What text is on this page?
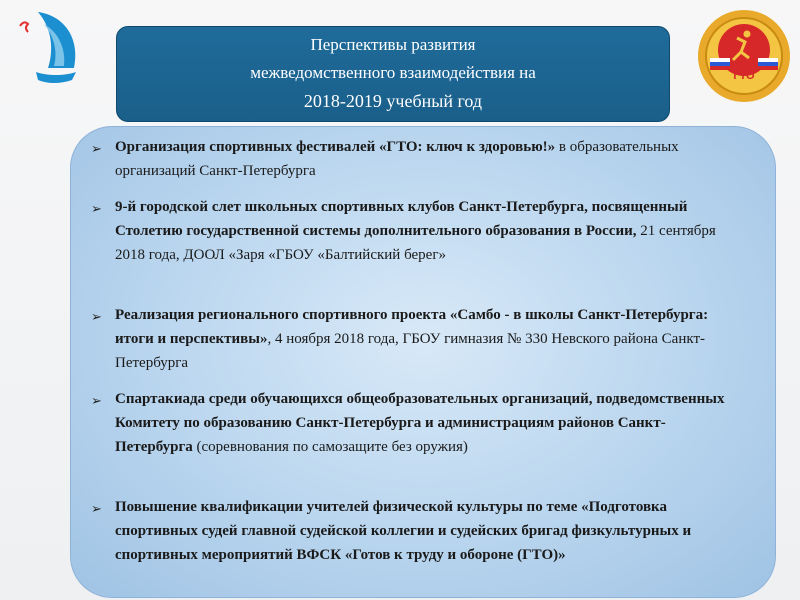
ГТО
Перспективы развития
межведомственного взаимодействия на
2018-2019 учебный год
➢ Организация спортивных фестивалей «ГТО: ключ к здоровью!» в образовательных организаций Санкт-Петербурга
➢ 9-й городской слет школьных спортивных клубов Санкт-Петербурга, посвященный Столетию государственной системы дополнительного образования в России, 21 сентября 2018 года, ДООЛ «Заря «ГБОУ «Балтийский берег»
➢ Реализация регионального спортивного проекта «Самбо - в школы Санкт-Петербурга: итоги и перспективы», 4 ноября 2018 года, ГБОУ гимназия № 330 Невского района Санкт-Петербурга
➢ Спартакиада среди обучающихся общеобразовательных организаций, подведомственных Комитету по образованию Санкт-Петербурга и администрациям районов Санкт-Петербурга (соревнования по самозащите без оружия)
➢ Повышение квалификации учителей физической культуры по теме «Подготовка спортивных судей главной судейской коллегии и судейских бригад физкультурных и спортивных мероприятий ВФСК «Готов к труду и обороне (ГТО)»
